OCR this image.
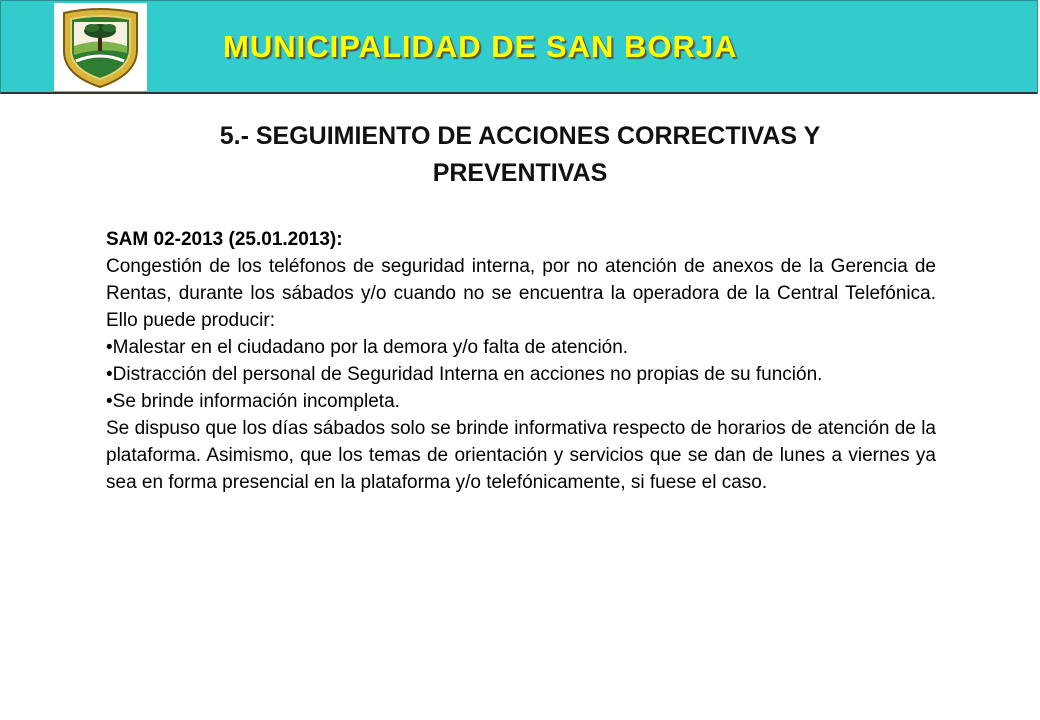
MUNICIPALIDAD DE SAN BORJA
5.- SEGUIMIENTO DE ACCIONES CORRECTIVAS Y
PREVENTIVAS

SAM 02-2013 (25.01.2013):

Congestión de los teléfonos de seguridad interna, por no atención de anexos de la Gerencia de Rentas, durante los sábados y/o cuando no se encuentra la operadora de la Central Telefónica. Ello puede producir:

•Malestar en el ciudadano por la demora y/o falta de atención.

•Distracción del personal de Seguridad Interna en acciones no propias de su función.

•Se brinde información incompleta.

Se dispuso que los días sábados solo se brinde informativa respecto de horarios de atención de la plataforma. Asimismo, que los temas de orientación y servicios que se dan de lunes a viernes ya sea en forma presencial en la plataforma y/o telefónicamente, si fuese el caso.
